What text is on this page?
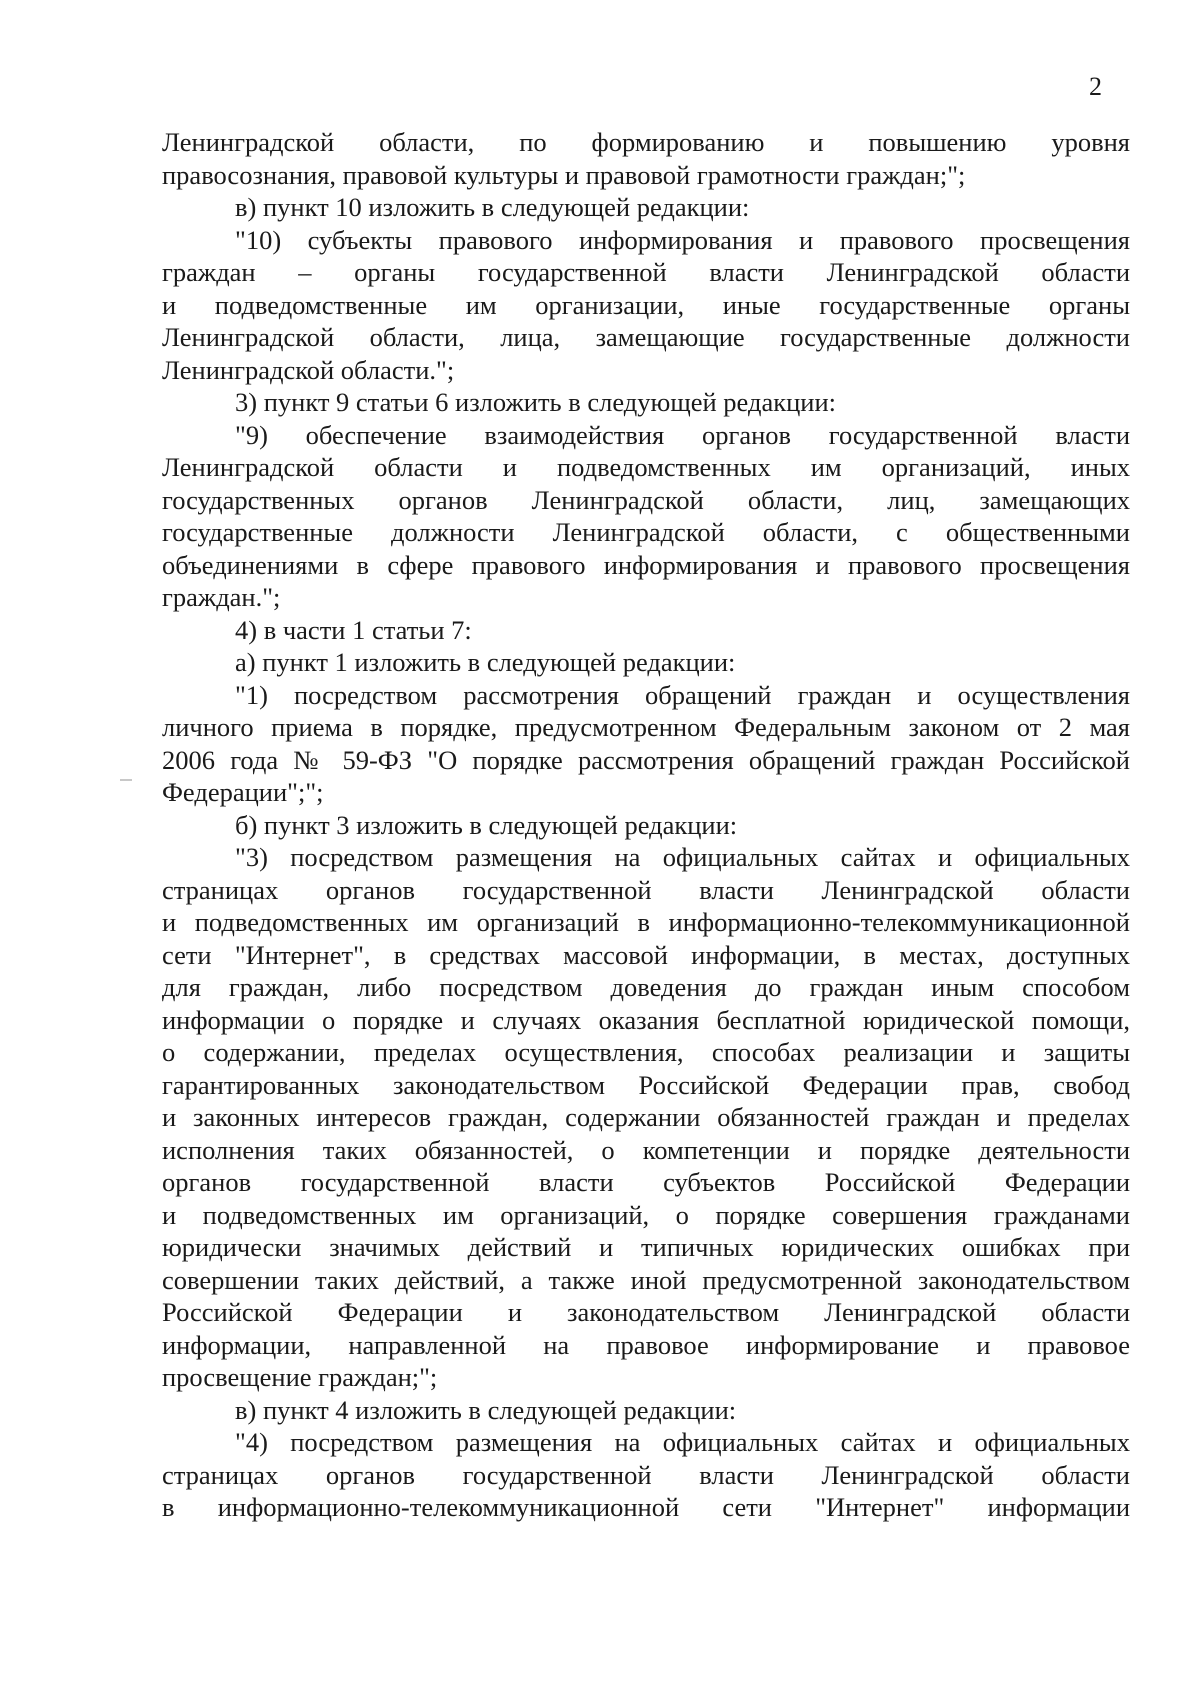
2
Ленинградской области, по формированию и повышению уровня
правосознания, правовой культуры и правовой грамотности граждан;";
в) пункт 10 изложить в следующей редакции:
"10) субъекты правового информирования и правового просвещения
граждан – органы государственной власти Ленинградской области
и подведомственные им организации, иные государственные органы
Ленинградской области, лица, замещающие государственные должности
Ленинградской области.";
3) пункт 9 статьи 6 изложить в следующей редакции:
"9) обеспечение взаимодействия органов государственной власти
Ленинградской области и подведомственных им организаций, иных
государственных органов Ленинградской области, лиц, замещающих
государственные должности Ленинградской области, с общественными
объединениями в сфере правового информирования и правового просвещения
граждан.";
4) в части 1 статьи 7:
а) пункт 1 изложить в следующей редакции:
"1) посредством рассмотрения обращений граждан и осуществления
личного приема в порядке, предусмотренном Федеральным законом от 2 мая
2006 года № 59-ФЗ "О порядке рассмотрения обращений граждан Российской
Федерации";";
б) пункт 3 изложить в следующей редакции:
"3) посредством размещения на официальных сайтах и официальных
страницах органов государственной власти Ленинградской области
и подведомственных им организаций в информационно-телекоммуникационной
сети "Интернет", в средствах массовой информации, в местах, доступных
для граждан, либо посредством доведения до граждан иным способом
информации о порядке и случаях оказания бесплатной юридической помощи,
о содержании, пределах осуществления, способах реализации и защиты
гарантированных законодательством Российской Федерации прав, свобод
и законных интересов граждан, содержании обязанностей граждан и пределах
исполнения таких обязанностей, о компетенции и порядке деятельности
органов государственной власти субъектов Российской Федерации
и подведомственных им организаций, о порядке совершения гражданами
юридически значимых действий и типичных юридических ошибках при
совершении таких действий, а также иной предусмотренной законодательством
Российской Федерации и законодательством Ленинградской области
информации, направленной на правовое информирование и правовое
просвещение граждан;";
в) пункт 4 изложить в следующей редакции:
"4) посредством размещения на официальных сайтах и официальных
страницах органов государственной власти Ленинградской области
в информационно-телекоммуникационной сети "Интернет" информации
